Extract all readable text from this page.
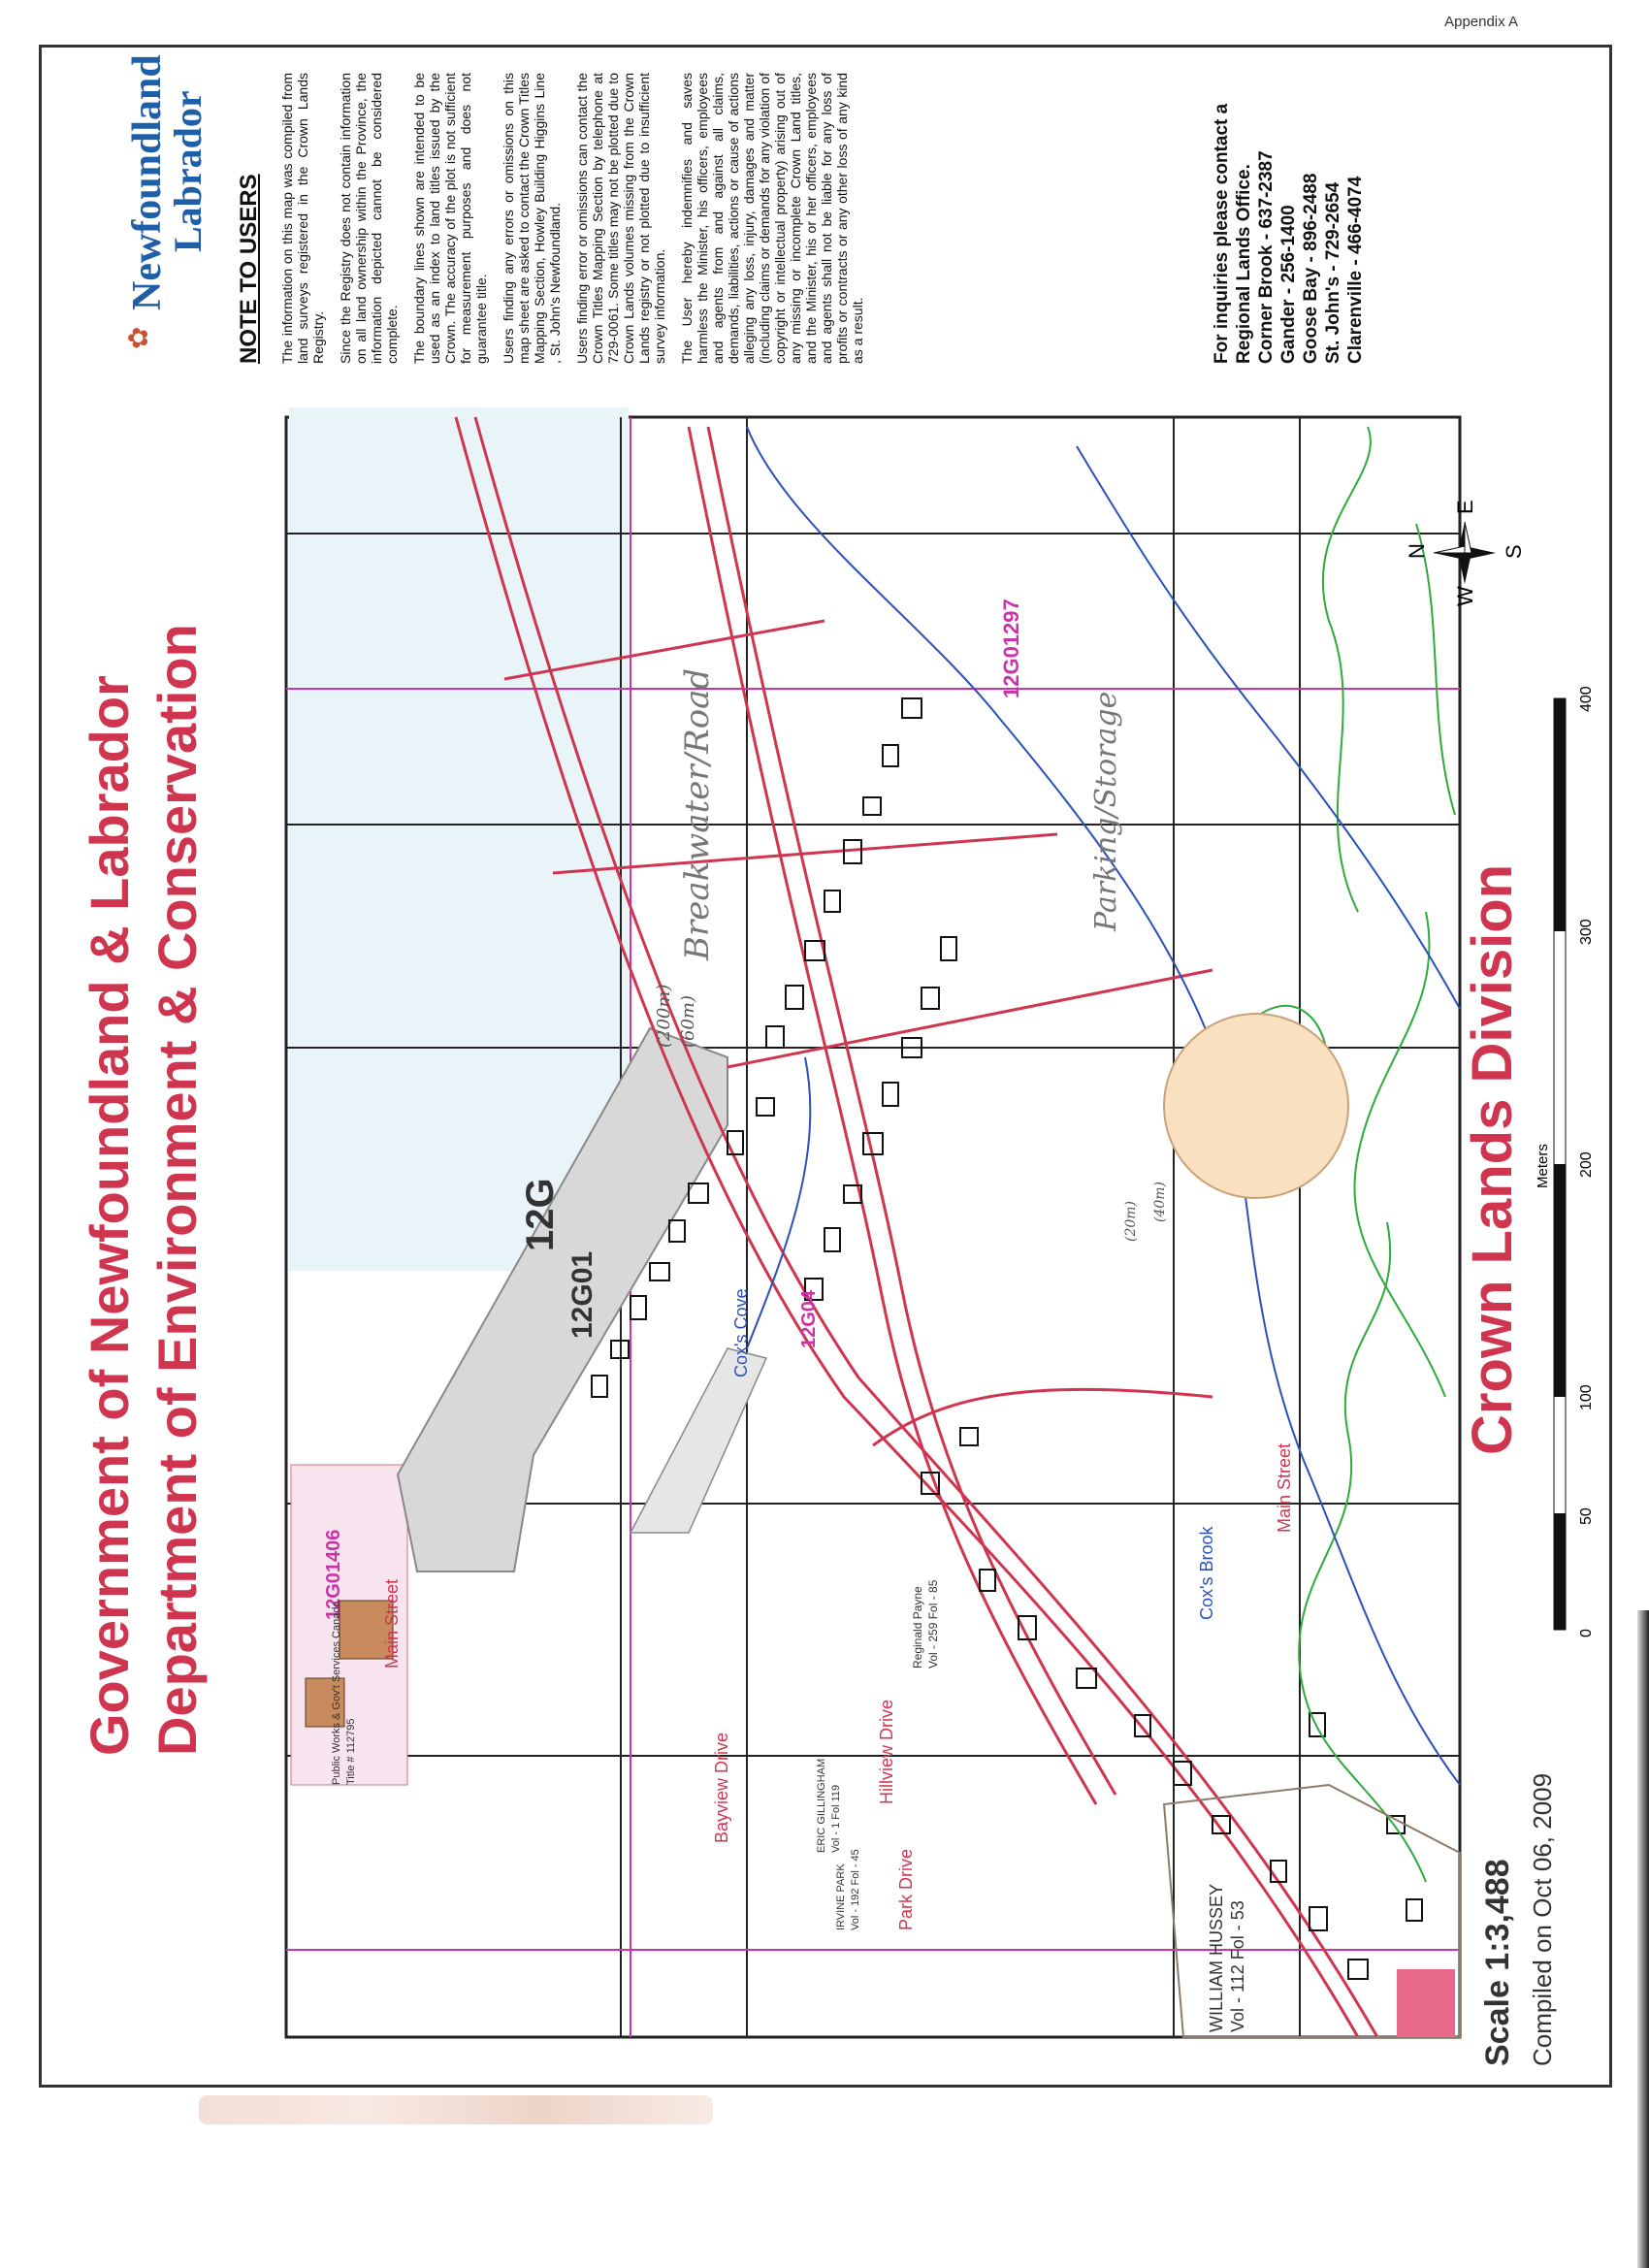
Appendix A
12G01297
12G01406
12G
12G01	12G04
Breakwater/Road	Parking/Storage
Cox's Cove
Cox's Brook
Public Works & Gov't Services Canada Title # 112795
Main Street
Main Street
Bayview Drive	Hillview Drive
Park Drive	WILLIAM HUSSEY Vol - 112 Fol - 53
ERIC GILLINGHAM Vol - 1 Fol 119
IRVINE PARK Vol - 192 Fol - 45
Reginald Payne Vol - 259 Fol - 85
(200m) (60m)
(20m) (40m)
N
E
S
W
0
50
100
200
300
400
Meters
Government of Newfoundland & Labrador Department of Environment & Conservation	Crown Lands Division
Scale 1:3,488 Compiled on Oct 06, 2009
✿
Newfoundland
Labrador
NOTE TO USERS The information on this map was compiled from land surveys registered in the Crown Lands Registry. Since the Registry does not contain information on all land ownership within the Province, the information depicted cannot be considered complete. The boundary lines shown are intended to be used as an index to land titles issued by the Crown. The accuracy of the plot is not sufficient for measurement purposes and does not guarantee title. Users finding any errors or omissions on this map sheet are asked to contact the Crown Titles Mapping Section, Howley Building Higgins Line , St. John's Newfoundland. Users finding error or omissions can contact the Crown Titles Mapping Section by telephone at 729-0061. Some titles may not be plotted due to Crown Lands volumes missing from the Crown Lands registry or not plotted due to insufficient survey information. The User hereby indemnifies and saves harmless the Minister, his officers, employees and agents from and against all claims, demands, liabilities, actions or cause of actions alleging any loss, injury, damages and matter (including claims or demands for any violation of copyright or intellectual property) arising out of any missing or incomplete Crown Land titles, and the Minister, his or her officers, employees and agents shall not be liable for any loss of profits or contracts or any other loss of any kind as a result.	For inquiries please contact a Regional Lands Office. Corner Brook - 637-2387 Gander - 256-1400 Goose Bay - 896-2488 St. John's - 729-2654 Clarenville - 466-4074
